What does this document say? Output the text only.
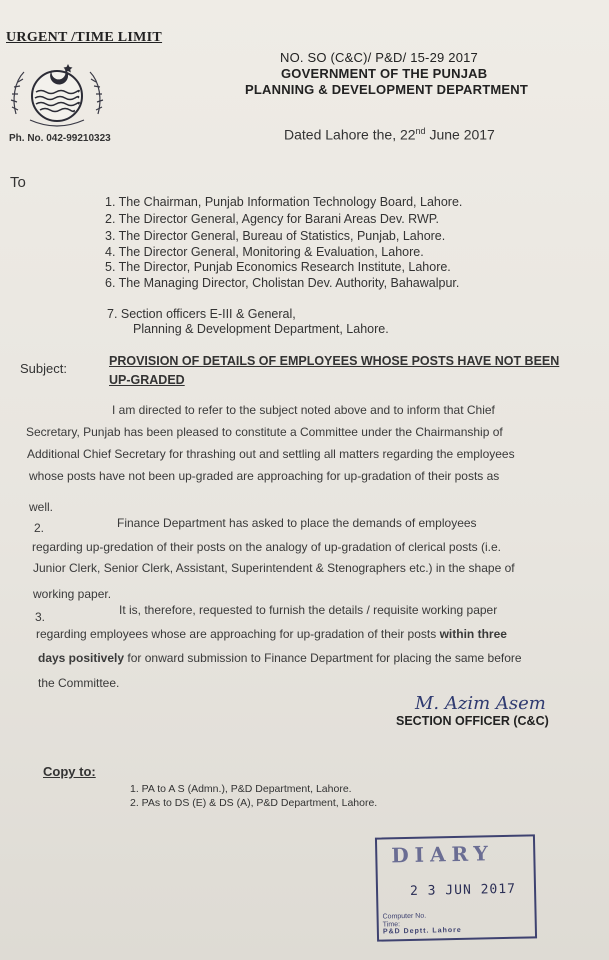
URGENT /TIME LIMIT
Ph. No. 042-99210323
NO. SO (C&C)/ P&D/ 15-29 2017
GOVERNMENT OF THE PUNJAB
PLANNING & DEVELOPMENT DEPARTMENT
Dated Lahore the, 22nd June 2017
To
1. The Chairman, Punjab Information Technology Board, Lahore.
2. The Director General, Agency for Barani Areas Dev. RWP.
3. The Director General, Bureau of Statistics, Punjab, Lahore.
4. The Director General, Monitoring & Evaluation, Lahore.
5. The Director, Punjab Economics Research Institute, Lahore.
6. The Managing Director, Cholistan Dev. Authority, Bahawalpur.
7. Section officers E-III & General,
Planning & Development Department, Lahore.
Subject:	PROVISION OF DETAILS OF EMPLOYEES WHOSE POSTS HAVE NOT BEEN UP-GRADED
I am directed to refer to the subject noted above and to inform that Chief
Secretary, Punjab has been pleased to constitute a Committee under the Chairmanship of
Additional Chief Secretary for thrashing out and settling all matters regarding the employees
whose posts have not been up-graded are approaching for up-gradation of their posts as
well.
2.	Finance Department has asked to place the demands of employees
regarding up-gredation of their posts on the analogy of up-gradation of clerical posts (i.e.
Junior Clerk, Senior Clerk, Assistant, Superintendent & Stenographers etc.) in the shape of
working paper.
3.	It is, therefore, requested to furnish the details / requisite working paper
regarding employees whose are approaching for up-gradation of their posts within three
days positively for onward submission to Finance Department for placing the same before
the Committee.
M. Azim Asem
SECTION OFFICER (C&C)
Copy to:
1. PA to A S (Admn.), P&D Department, Lahore.
2. PAs to DS (E) & DS (A), P&D Department, Lahore.
DIARY
2 3 JUN 2017
Computer No.
Time:
P&D Deptt. Lahore
